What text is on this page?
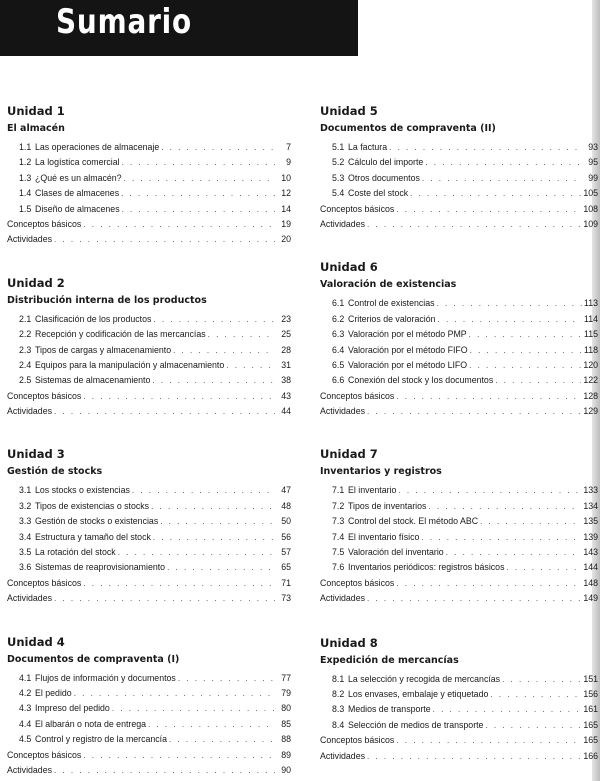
Sumario
Unidad 1
El almacén
1.1 Las operaciones de almacenaje . . .	7
1.2 La logística comercial . . .	9
1.3 ¿Qué es un almacén? . . .	10
1.4 Clases de almacenes . . .	12
1.5 Diseño de almacenes . . .	14
Conceptos básicos . . .	19
Actividades . . .	20
Unidad 2
Distribución interna de los productos
2.1 Clasificación de los productos . . .	23
2.2 Recepción y codificación de las mercancías . . .	25
2.3 Tipos de cargas y almacenamiento . . .	28
2.4 Equipos para la manipulación y almacenamiento . . .	31
2.5 Sistemas de almacenamiento . . .	38
Conceptos básicos . . .	43
Actividades . . .	44
Unidad 3
Gestión de stocks
3.1 Los stocks o existencias . . .	47
3.2 Tipos de existencias o stocks . . .	48
3.3 Gestión de stocks o existencias . . .	50
3.4 Estructura y tamaño del stock . . .	56
3.5 La rotación del stock . . .	57
3.6 Sistemas de reaprovisionamiento . . .	65
Conceptos básicos . . .	71
Actividades . . .	73
Unidad 4
Documentos de compraventa (I)
4.1 Flujos de información y documentos . . .	77
4.2 El pedido . . .	79
4.3 Impreso del pedido . . .	80
4.4 El albarán o nota de entrega . . .	85
4.5 Control y registro de la mercancía . . .	88
Conceptos básicos . . .	89
Actividades . . .	90
Unidad 5
Documentos de compraventa (II)
5.1 La factura . . .	93
5.2 Cálculo del importe . . .	95
5.3 Otros documentos . . .	99
5.4 Coste del stock . . .	105
Conceptos básicos . . .	108
Actividades . . .	109
Unidad 6
Valoración de existencias
6.1 Control de existencias . . .	113
6.2 Criterios de valoración . . .	114
6.3 Valoración por el método PMP . . .	115
6.4 Valoración por el método FIFO . . .	118
6.5 Valoración por el método LIFO . . .	120
6.6 Conexión del stock y los documentos . . .	122
Conceptos básicos . . .	128
Actividades . . .	129
Unidad 7
Inventarios y registros
7.1 El inventario . . .	133
7.2 Tipos de inventarios . . .	134
7.3 Control del stock. El método ABC . . .	135
7.4 El inventario físico . . .	139
7.5 Valoración del inventario . . .	143
7.6 Inventarios periódicos: registros básicos . . .	144
Conceptos básicos . . .	148
Actividades . . .	149
Unidad 8
Expedición de mercancías
8.1 La selección y recogida de mercancías . . .	151
8.2 Los envases, embalaje y etiquetado . . .	156
8.3 Medios de transporte . . .	161
8.4 Selección de medios de transporte . . .	165
Conceptos básicos . . .	165
Actividades . . .	166
